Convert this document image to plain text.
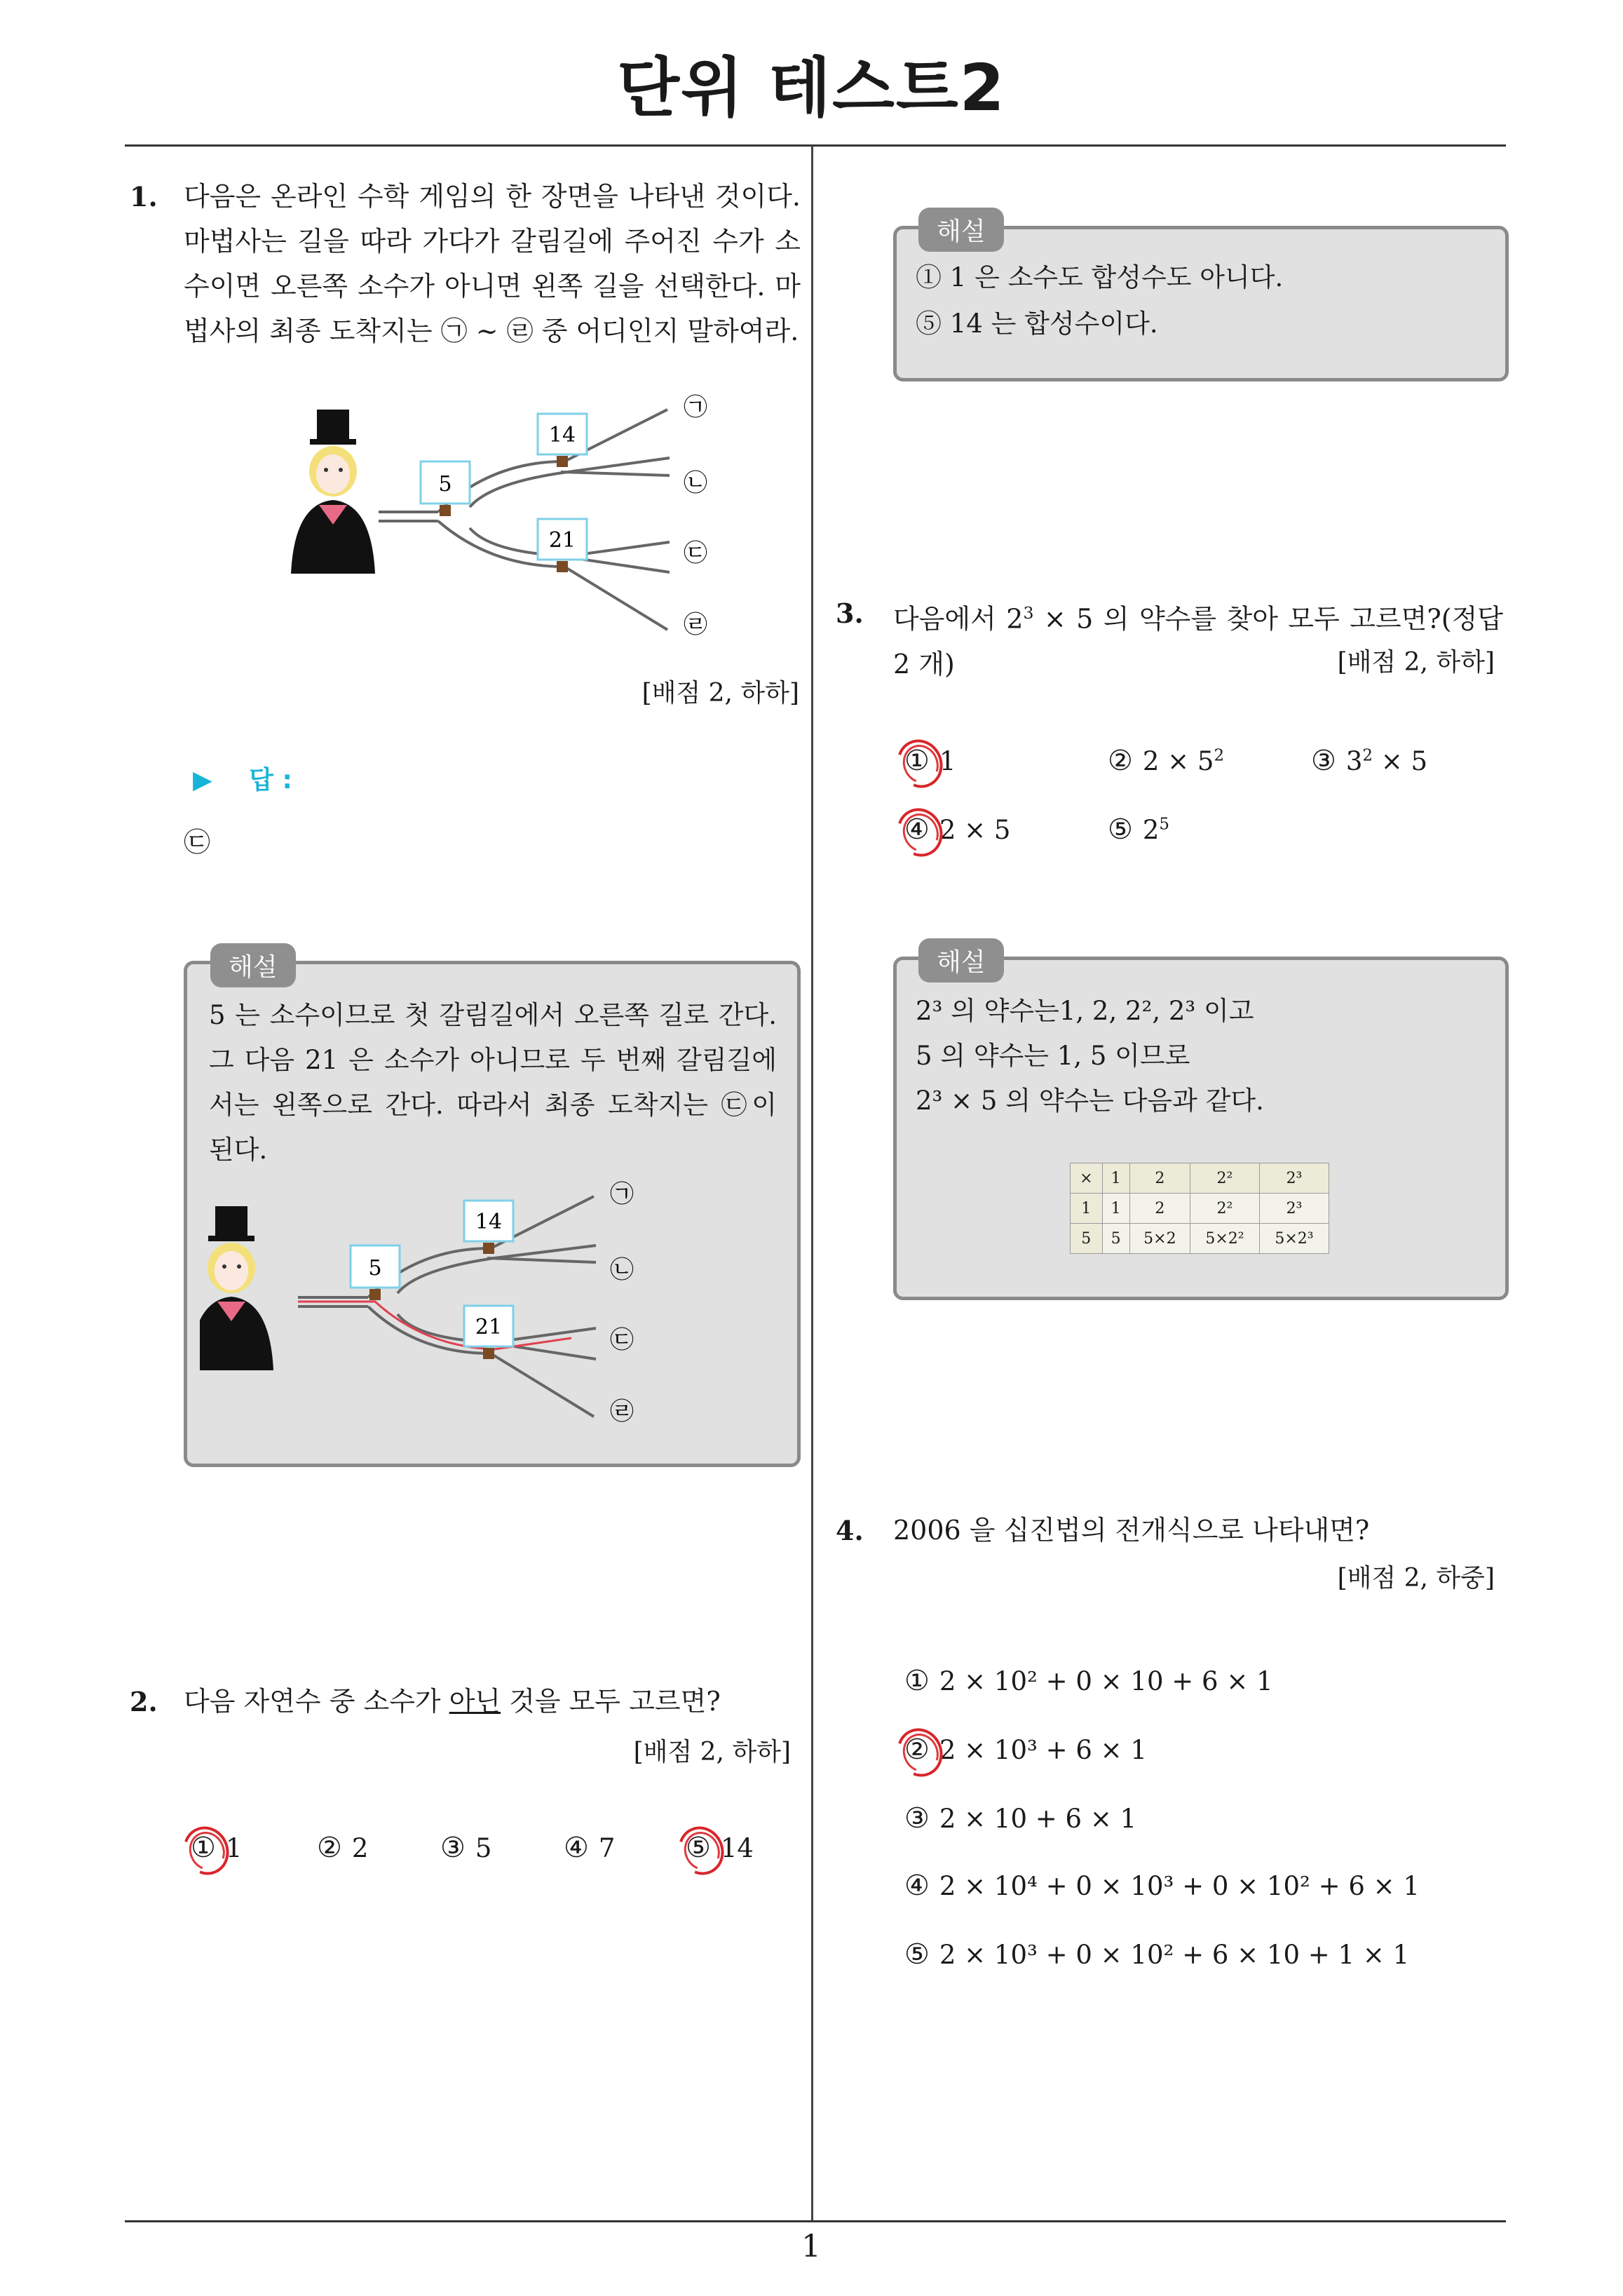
단위 테스트2
1
1. 다음은 온라인 수학 게임의 한 장면을 나타낸 것이다. 마법사는 길을 따라 가다가 갈림길에 주어진 수가 소수이면 오른쪽 소수가 아니면 왼쪽 길을 선택한다. 마법사의 최종 도착지는 ㉠ ~ ㉣ 중 어디인지 말하여라.
5
14
21
㉠
㉡
㉢
㉣
[배점 2, 하하]
▶ 답 :
㉢
해설
5 는 소수이므로 첫 갈림길에서 오른쪽 길로 간다. 그 다음 21 은 소수가 아니므로 두 번째 갈림길에서는 왼쪽으로 간다. 따라서 최종 도착지는 ㉢이 된다.
5
14
21
㉠
㉡
㉢
㉣
2. 다음 자연수 중 소수가 아닌 것을 모두 고르면?
[배점 2, 하하]
① 1	② 2	③ 5	④ 7	⑤ 14
해설
① 1 은 소수도 합성수도 아니다.
⑤ 14 는 합성수이다.
3. 다음에서 $2^3 \times 5$ 의 약수를 찾아 모두 고르면?(정답 2 개)	[배점 2, 하하]
① 1	② $2 \times 5^2$	③ $3^2 \times 5$
④ 2 × 5	⑤ $2^5$
해설
2³ 의 약수는1, 2, 2², 2³ 이고
5 의 약수는 1, 5 이므로
2³ × 5 의 약수는 다음과 같다.
×	1	2	2²	2³
1	1	2	2²	2³
5	5	5×2	5×2²	5×2³
4. 2006 을 십진법의 전개식으로 나타내면?
[배점 2, 하중]
① 2 × 10² + 0 × 10 + 6 × 1
② 2 × 10³ + 6 × 1
③ 2 × 10 + 6 × 1
④ 2 × 10⁴ + 0 × 10³ + 0 × 10² + 6 × 1
⑤ 2 × 10³ + 0 × 10² + 6 × 10 + 1 × 1
